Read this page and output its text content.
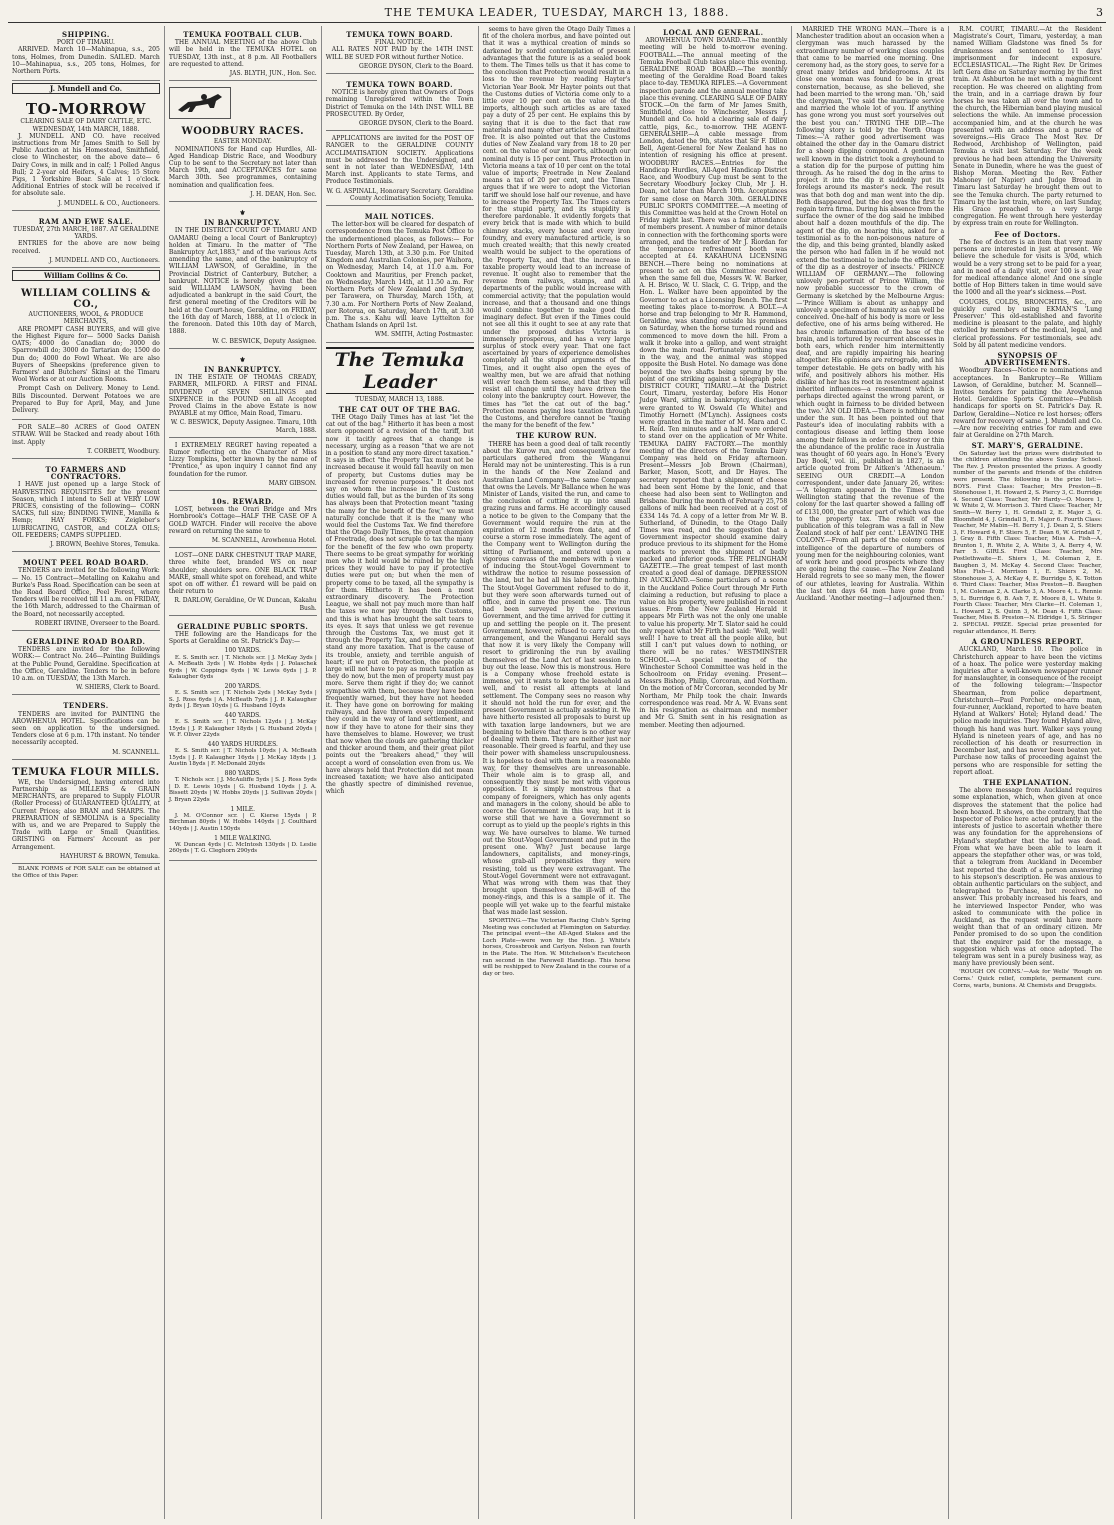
THE TEMUKA LEADER, TUESDAY, MARCH 13, 1888.	3
SHIPPING.
PORT OF TIMARU.

ARRIVED. March 10—Mahinapua, s.s., 205 tons, Holmes, from Dunedin. SAILED. March 10—Mahinapua, s.s., 205 tons, Holmes, for Northern Ports.

J. Mundell and Co.
TO-MORROW
CLEARING SALE OF DAIRY CATTLE, ETC.
WEDNESDAY, 14th MARCH, 1888.

J. MUNDELL AND CO. have received instructions from Mr James Smith to Sell by Public Auction at his Homestead, Smithfield, close to Winchester, on the above date— 6 Dairy Cows, in milk and in calf; 1 Polled Angus Bull; 2 2-year old Heifers, 4 Calves; 15 Store Pigs, 1 Yorkshire Boar. Sale at 1 o'clock. Additional Entries of stock will be received if for absolute sale.

J. MUNDELL & CO., Auctioneers.
RAM AND EWE SALE.
TUESDAY, 27th MARCH, 1887. AT GERALDINE YARDS.

ENTRIES for the above are now being received.

J. MUNDELL AND CO., Auctioneers.
William Collins & Co.
WILLIAM COLLINS & CO.,
AUCTIONEERS, WOOL, & PRODUCE MERCHANTS,

ARE PROMPT CASH BUYERS, and will give the Highest Figure for— 5000 Sacks Danish OATS; 4000 do Canadian do; 3000 do Sparrowbill do; 3000 do Tartarian do; 1500 do Dun do; 4000 do Fowl Wheat. We are also Buyers of Sheepskins (preference given to Farmers' and Butchers' Skins) at the Timaru Wool Works or at our Auction Rooms.

Prompt Cash on Delivery. Money to Lend. Bills Discounted. Derwent Potatoes we are Prepared to Buy for April, May, and June Delivery.

FOR SALE—80 ACRES of Good OATEN STRAW. Will be Stacked and ready about 16th inst. Apply

T. CORBETT, Woodbury.
TO FARMERS AND CONTRACTORS.

I HAVE just opened up a large Stock of HARVESTING REQUISITES for the present Season, which I intend to Sell at VERY LOW PRICES, consisting of the following— CORN SACKS, full size; BINDING TWINE, Manilla & Hemp; HAY FORKS; Zeigleber's LUBRICATING, CASTOR, and COLZA OILS; OIL FEEDERS; CAMPS SUPPLIED.

J. BROWN, Beehive Stores, Temuka.
MOUNT PEEL ROAD BOARD.

TENDERS are invited for the following Work:— No. 15 Contract—Metalling on Kakahu and Burke's Pass Road. Specification can be seen at the Road Board Office, Peel Forest, where Tenders will be received till 11 a.m. on FRIDAY, the 16th March, addressed to the Chairman of the Board, not necessarily accepted.

ROBERT IRVINE, Overseer to the Board.
GERALDINE ROAD BOARD.

TENDERS are invited for the following WORK:— Contract No. 246—Painting Buildings at the Public Pound, Geraldine. Specification at the Office, Geraldine. Tenders to be in before 10 a.m. on TUESDAY, the 13th March.

W. SHIERS, Clerk to Board.
TENDERS.

TENDERS are invited for PAINTING the AROWHENUA HOTEL. Specifications can be seen on application to the undersigned. Tenders close at 6 p.m. 17th instant. No tender necessarily accepted.

M. SCANNELL.
TEMUKA FLOUR MILLS.

WE, the Undersigned, having entered into Partnership as MILLERS & GRAIN MERCHANTS, are prepared to Supply FLOUR (Roller Process) of GUARANTEED QUALITY, at Current Prices; also BRAN and SHARPS. The PREPARATION of SEMOLINA is a Speciality with us, and we are Prepared to Supply the Trade with Large or Small Quantities. GRISTING on Farmers' Account as per Arrangement.

HAYHURST & BROWN, Temuka.

BLANK FORMS of FOR SALE can be obtained at the Office of this Paper.

TEMUKA FOOTBALL CLUB.

THE ANNUAL MEETING of the above Club will be held in the TEMUKA HOTEL on TUESDAY, 13th inst., at 8 p.m. All Footballers are requested to attend.

JAS. BLYTH, JUN., Hon. Sec.
WOODBURY RACES.
EASTER MONDAY.

NOMINATIONS for Hand cap Hurdles, All-Aged Handicap Distric Race, and Woodbury Cup to be sent to the Secretary not later than March 19th, and ACCEPTANCES for same March 30th. See programmes, containing nomination and qualification fees.

J. H. DEAN, Hon. Sec.
⚜
IN BANKRUPTCY.

IN THE DISTRICT COURT OF TIMARU AND OAMARU (being a local Court of Bankruptcy) holden at Timaru. In the matter of "The Bankruptcy Act,1883," and of the various Acts amending the same, and of the bankruptcy of WILLIAM LAWSON, of Geraldine, in the Provincial District of Canterbury, Butcher, a bankrupt. NOTICE is hereby given that the said WILLIAM LAWSON, having been adjudicated a bankrupt in the said Court, the first general meeting of the Creditors will be held at the Court-house, Geraldine, on FRIDAY, the 16th day of March, 1888, at 11 o'clock in the forenoon. Dated this 10th day of March, 1888.

W. C. BESWICK, Deputy Assignee.
⚜
IN BANKRUPTCY.

IN THE ESTATE OF THOMAS CREADY, FARMER, MILFORD. A FIRST and FINAL DIVIDEND of SEVEN SHILLINGS and SIXPENCE in the POUND on all Accepted Proved Claims in the above Estate is now PAYABLE at my Office, Main Road, Timaru.

W. C. BESWICK, Deputy Assignee. Timaru, 10th March, 1888.

I EXTREMELY REGRET having repeated a Rumor reflecting on the Character of Miss Lizzy Tompkins, better known by the name of "Prentice," as upon inquiry I cannot find any foundation for the rumor.

MARY GIBSON.
10s. REWARD.

LOST, between the Orari Bridge and Mrs Hornbrook's Cottage—HALF THE CASE OF A GOLD WATCH. Finder will receive the above reward on returning the same to

M. SCANNELL, Arowhenua Hotel.

LOST—ONE DARK CHESTNUT TRAP MARE, three white feet, branded WS on near shoulder; shoulders sore. ONE BLACK TRAP MARE, small white spot on forehead, and white spot on off wither. £1 reward will be paid on their return to

R. DARLOW, Geraldine, Or W. Duncan, Kakahu Bush.
GERALDINE PUBLIC SPORTS.

THE following are the Handicaps for the Sports at Geraldine on St. Patrick's Day:—

100 YARDS.

E. S. Smith scr. | T. Nichols scr. | J. McKay 3yds | A. McBeath 3yds | W. Hobbs 4yds | J. Polaschek 6yds | W. Coppings 6yds | W. Lewis 6yds | J. P. Kalaugher 6yds

200 YARDS.

E. S. Smith scr. | T. Nichols 2yds | McKay 5yds | S. J. Ross 6yds | A. McBeath 7yds | J. P. Kalaugher 8yds | J. Bryan 10yds | G. Husband 10yds

440 YARDS.

E. S. Smith scr. | T. Nichols 12yds | J. McKay 15yds | J. P. Kalaugher 18yds | G. Husband 20yds | W. F. Oliver 22yds

440 YARDS HURDLES.

E. S. Smith scr. | T. Nichols 10yds | A. McBeath 15yds | J. P. Kalaugher 16yds | J. McKay 18yds | J. Austin 18yds | F. McDonald 20yds

880 YARDS.

T. Nichols scr. | J. McAuliffe 5yds | S. J. Ross 5yds | D. E. Lewis 10yds | G. Husband 10yds | J. A. Bissett 20yds | W. Hobbs 20yds | J. Sullivan 20yds | J. Bryan 22yds

1 MILE.

J. M. O'Connor scr. | C. Kierse 15yds | P. Birchman 80yds | W. Hobbs 140yds | J. Coulthard 140yds | J. Austin 150yds

1 MILE WALKING.

W. Duncan 4yds | C. McIntosh 130yds | D. Leslie 260yds | T. G. Cleghorn 290yds

TEMUKA TOWN BOARD.
FINAL NOTICE.

ALL RATES NOT PAID by the 14TH INST. WILL BE SUED FOR without further Notice.

GEORGE DYSON, Clerk to the Board.
TEMUKA TOWN BOARD.

NOTICE is hereby given that Owners of Dogs remaining Unregistered within the Town District of Temuka on the 14th INST. WILL BE PROSECUTED. By Order,

GEORGE DYSON, Clerk to the Board.

APPLICATIONS are invited for the POST OF RANGER to the GERALDINE COUNTY ACCLIMATISATION SOCIETY. Applications must be addressed to the Undersigned, and sent in not later than WEDNESDAY, 14th March inst. Applicants to state Terms, and Produce Testimonials.

W. G. ASPINALL, Honorary Secretary. Geraldine County Acclimatisation Society, Temuka.
MAIL NOTICES.

The letter-box will be cleared for despatch of correspondence from the Temuka Post Office to the undermentioned places, as follows:— For Northern Ports of New Zealand, per Hawea, on Tuesday, March 13th, at 3.30 p.m. For United Kingdom and Australian Colonies, per Waihora, on Wednesday, March 14, at 11.0 a.m. For Cooktown and Mauritius, per French packet, on Wednesday, March 14th, at 11.50 a.m. For Northern Ports of New Zealand and Sydney, per Tarawera, on Thursday, March 15th, at 7.30 a.m. For Northern Ports of New Zealand, per Rotorua, on Saturday, March 17th, at 3.30 p.m. The s.s. Kahu will leave Lyttelton for Chatham Islands on April 1st.

WM. SMITH, Acting Postmaster.
The Temuka Leader
TUESDAY, MARCH 13, 1888.
THE CAT OUT OF THE BAG.

THE Otago Daily Times has at last "let the cat out of the bag." Hitherto it has been a most stern opponent of a revision of the tariff, but now it tacitly agrees that a change is necessary, urging as a reason "that we are not in a position to stand any more direct taxation." It says in effect "the Property Tax must not be increased because it would fall heavily on men of property, but Customs duties may be increased for revenue purposes." It does not say on whom the increase in the Customs duties would fall, but as the burden of its song has always been that Protection meant "taxing the many for the benefit of the few," we must naturally conclude that it is the many who would feel the Customs Tax. We find therefore that the Otago Daily Times, the great champion of Freetrade, does not scruple to tax the many for the benefit of the few who own property. There seems to be great sympathy for working men who it held would be ruined by the high prices they would have to pay if protective duties were put on; but when the men of property come to be taxed, all the sympathy is for them. Hitherto it has been a most extraordinary discovery. The Protection League, we shall not pay much more than half the taxes we now pay through the Customs, and this is what has brought the salt tears to its eyes. It says that unless we get revenue through the Customs Tax, we must get it through the Property Tax, and property cannot stand any more taxation. That is the cause of its trouble, anxiety, and terrible anguish of heart; if we put on Protection, the people at large will not have to pay as much taxation as they do now, but the men of property must pay more. Serve them right if they do; we cannot sympathise with them, because they have been frequently warned, but they have not heeded it. They have gone on borrowing for making railways, and have thrown every impediment they could in the way of land settlement, and now if they have to atone for their sins they have themselves to blame. However, we trust that now when the clouds are gathering thicker and thicker around them, and their great pilot points out the "breakers ahead," they will accept a word of consolation even from us. We have always held that Protection did not mean increased taxation; we have also anticipated the ghastly spectre of diminished revenue, which

seems to have given the Otago Daily Times a fit of the cholera morbus, and have pointed out that it was a mythical creation of minds so darkened by sordid contemplation of present advantages that the future is as a sealed book to them. The Times tells us that it has come to the conclusion that Protection would result in a loss to the revenue by reading Hayter's Victorian Year Book. Mr Hayter points out that the Customs duties of Victoria come only to a little over 10 per cent on the value of the imports, although such articles as are taxed pay a duty of 25 per cent. He explains this by saying that it is due to the fact that raw materials and many other articles are admitted free. It is also pointed out that the Customs duties of New Zealand vary from 18 to 20 per cent. on the value of our imports, although our nominal duty is 15 per cent. Thus Protection in Victoria means a tax of 10 per cent on the total value of imports; Freetrade in New Zealand means a tax of 20 per cent, and the Times argues that if we were to adopt the Victorian tariff we should lose half our revenue, and have to increase the Property Tax. The Times caters for the stupid party, and its stupidity is therefore pardonable. It evidently forgets that every brick that is made with which to build chimney stacks, every house and every iron foundry, and every manufactured article, is so much created wealth; that this newly created wealth would be subject to the operations of the Property Tax, and that the increase in taxable property would lead to an increase of revenue. It ought also to remember that the revenue from railways, stamps, and all departments of the public would increase with commercial activity; that the population would increase, and that a thousand and one things would combine together to make good the imaginary defect. But even if the Times could not see all this it ought to see at any rate that under the proposed duties Victoria is immensely prosperous, and has a very large surplus of stock every year. That one fact ascertained by years of experience demolishes completely all the stupid arguments of the Times, and it ought also open the eyes of wealthy men, but we are afraid that nothing will ever teach them sense, and that they will resist all change until they have driven the colony into the bankruptcy court. However, the times has "let the cat out of the bag." Protection means paying less taxation through the Customs, and therefore cannot be "taxing the many for the benefit of the few."

THE KUROW RUN.

THERE has been a good deal of talk recently about the Kurow run, and consequently a few particulars gathered from the Wanganui Herald may not be uninteresting. This is a run in the hands of the New Zealand and Australian Land Company—the same Company that owns the Levels. Mr Ballance when he was Minister of Lands, visited the run, and came to the conclusion of cutting it up into small grazing runs and farms. He accordingly caused a notice to be given to the Company that the Government would require the run at the expiration of 12 months from date, and of course a storm rose immediately. The agent of the Company went to Wellington during the sitting of Parliament, and entered upon a vigorous canvass of the members with a view of inducing the Stout-Vogel Government to withdraw the notice to resume possession of the land, but he had all his labor for nothing. The Stout-Vogel Government refused to do it, but they were soon afterwards turned out of office, and in came the present one. The run had been surveyed by the previous Government, and the time arrived for cutting it up and settling the people on it. The present Government, however, refused to carry out the arrangement, and the Wanganui Herald says that now it is very likely the Company will resort to gridironing the run by availing themselves of the Land Act of last session to buy out the lease. Now this is monstrous. Here is a Company whose freehold estate is immense, yet it wants to keep the leasehold as well, and to resist all attempts at land settlement. The Company sees no reason why it should not hold the run for ever, and the present Government is actually assisting it. We have hitherto resisted all proposals to burst up with taxation large landowners, but we are beginning to believe that there is no other way of dealing with them. They are neither just nor reasonable. Their greed is fearful, and they use their power with shameless unscrupulousness. It is hopeless to deal with them in a reasonable way, for they themselves are unreasonable. Their whole aim is to grasp all, and consequently they must be met with vigorous opposition. It is simply monstrous that a company of foreigners, which has only agents and managers in the colony, should be able to coerce the Government in this way, but it is worse still that we have a Government so corrupt as to yield up the people's rights in this way. We have ourselves to blame. We turned out the Stout-Vogel Government and put in the present one. Why? Just because large landowners, capitalists, and money-rings, whose grab-all propensities they were resisting, told us they were extravagant. The Stout-Vogel Government were not extravagant. What was wrong with them was that they brought upon themselves the ill-will of the money-rings, and this is a sample of it. The people will yet wake up to the fearful mistake that was made last session.

SPORTING.—The Victorian Racing Club's Spring Meeting was concluded at Flemington on Saturday. The principal event—the All-Aged Stakes and the Loch Plate—were won by the Hon. J. White's horses, Crossbrook and Carlyon. Nelson ran fourth in the Plate. The Hon. W. Mitchelson's Escutcheon ran second in the Farewell Handicap. This horse will be reshipped to New Zealand in the course of a day or two.

LOCAL AND GENERAL.

AROWHENUA TOWN BOARD.—The monthly meeting will be held to-morrow evening. FOOTBALL.—The annual meeting of the Temuka Football Club takes place this evening. GERALDINE ROAD BOARD.—The monthly meeting of the Geraldine Road Board takes place to-day. TEMUKA RIFLES.—A Government inspection parade and the annual meeting take place this evening. CLEARING SALE OF DAIRY STOCK.—On the farm of Mr James Smith, Smithfield, close to Winchester, Messrs J. Mundell and Co. hold a clearing sale of dairy cattle, pigs, &c., to-morrow. THE AGENT-GENERALSHIP.—A cable message from London, dated the 9th, states that Sir F. Dillon Bell, Agent-General for New Zealand has no intention of resigning his office at present. WOODBURY RACES.—Entries for the Handicap Hurdles, All-Aged Handicap District Race, and Woodbury Cup must be sent to the Secretary Woodbury Jockey Club, Mr J. H. Dean, not later than March 19th. Acceptances for same close on March 30th. GERALDINE PUBLIC SPORTS COMMITTEE.—A meeting of this Committee was held at the Crown Hotel on Friday night last. There was a fair attendance of members present. A number of minor details in connection with the forthcoming sports were arranged, and the tender of Mr J. Riordan for the temperance refreshment booth was accepted at £4. KAKAHUNA LICENSING BENCH.—There being no nominations at present to act on this Committee received when the same fell due, Messrs W. W. Barker, A. H. Brisco, W. U. Slack, C. G. Tripp, and the Hon. L. Walker have been appointed by the Governor to act as a Licensing Bench. The first meeting takes place to-morrow. A BOLT.—A horse and trap belonging to Mr R. Hammond, Geraldine, was standing outside his premises on Saturday, when the horse turned round and commenced to move down the hill. From a walk it broke into a gallop, and went straight down the main road. Fortunately nothing was in the way, and the animal was stopped opposite the Bush Hotel. No damage was done beyond the two shafts being sprung by the point of one striking against a telegraph pole. DISTRICT COURT, TIMARU.—At the District Court, Timaru, yesterday, before His Honor Judge Ward, sitting in bankruptcy, discharges were granted to W. Oswald (Te White) and Timothy Hornett (M'Lynch). Assignees costs were granted in the matter of M. Mara and C. H. Reid. Ten minutes and a half were ordered to stand over on the application of Mr White. TEMUKA DAIRY FACTORY.—The monthly meeting of the directors of the Temuka Dairy Company was held on Friday afternoon. Present—Messrs Job Brown (Chairman), Barker, Mason, Scott, and Dr Hayes. The secretary reported that a shipment of cheese had been sent Home by the Ionic, and that cheese had also been sent to Wellington and Brisbane. During the month of February 25,758 gallons of milk had been received at a cost of £334 14s 7d. A copy of a letter from Mr W. B. Sutherland, of Dunedin, to the Otago Daily Times was read, and the suggestion that a Government inspector should examine dairy produce previous to its shipment for the Home markets to prevent the shipment of badly packed and inferior goods. THE PELINGHAM GAZETTE.—The great tempest of last month created a good deal of damage. DEPRESSION IN AUCKLAND.—Some particulars of a scene in the Auckland Police Court through Mr Firth claiming a reduction, but refusing to place a value on his property, were published in recent issues. From the New Zealand Herald it appears Mr Firth was not the only one unable to value his property. Mr T. Slator said he could only repeat what Mr Firth had said: 'Well, well! well! I have to treat all the people alike, but still I can't put values down to nothing, or there will be no rates.' WESTMINSTER SCHOOL.—A special meeting of the Winchester School Committee was held in the Schoolroom on Friday evening. Present—Messrs Bishop, Philip, Corcoran, and Northam. On the motion of Mr Corcoran, seconded by Mr Northam, Mr Philp took the chair. Inwards correspondence was read. Mr A. W. Evans sent in his resignation as chairman and member and Mr G. Smith sent in his resignation as member. Meeting then adjourned.

MARRIED THE WRONG MAN.—There is a Manchester tradition about an occasion when a clergyman was much harassed by the extraordinary number of working class couples that came to be married one morning. One ceremony had, as the story goes, to serve for a great many brides and bridegrooms. At its close one woman was found to be in great consternation, because, as she believed, she had been married to the wrong man. 'Oh,' said the clergyman, 'I've said the marriage service and married the whole lot of you. If anything has gone wrong you must sort yourselves out the best you can.' TRYING THE DIP.—The following story is told by the North Otago Times:—'A rather good advertisement was obtained the other day in the Oamaru district for a sheep dipping compound. A gentleman well known in the district took a greyhound to a station dip for the purpose of putting him through. As he raised the dog in the arms to project it into the dip it suddenly put its forelegs around its master's neck. The result was that both dog and man went into the dip. Both disappeared, but the dog was the first to regain terra firma. During his absence from the surface the owner of the dog said he imbibed about half a dozen mouthfuls of the dip. The agent of the dip, on hearing this, asked for a testimonial as to the non-poisonous nature of the dip, and this being granted, blandly asked the person who had fallen in if he would not extend the testimonial to include the efficiency of the dip as a destroyer of insects.' PRINCE WILLIAM OF GERMANY.—The following unlovely pen-portrait of Prince William, the now probable successor to the crown of Germany is sketched by the Melbourne Argus:—'Prince William is about as unhappy and unlovely a specimen of humanity as can well be conceived. One-half of his body is more or less defective, one of his arms being withered. He has chronic inflammation of the base of the brain, and is tortured by recurrent abscesses in both ears, which render him intermittently deaf, and are rapidly impairing his hearing altogether. His opinions are retrograde, and his temper detestable. He gets on badly with his wife, and positively abhors his mother. His dislike of her has its root in resentment against inherited influences—a resentment which is perhaps directed against the wrong parent, or which ought in fairness to be divided between the two.' AN OLD IDEA.—There is nothing new under the sun. It has been pointed out that Pasteur's idea of inoculating rabbits with a contagious disease and letting them loose among their fellows in order to destroy or thin the abundance of the prolific race in Australia was thought of 60 years ago. In Hone's 'Every Day Book,' vol. iii., published in 1827, is an article quoted from Dr Aitken's 'Athenaeum.' SEEING OUR CREDIT.—A London correspondent, under date January 26, writes:—'A telegram appeared in the Times from Wellington stating that the revenue of the colony for the last quarter showed a falling off of £131,000, the greater part of which was due to the property tax. The result of the publication of this telegram was a fall in New Zealand stock of half per cent.' LEAVING THE COLONY.—From all parts of the colony comes intelligence of the departure of numbers of young men for the neighbouring colonies, want of work here and good prospects where they are going being the cause.—The New Zealand Herald regrets to see so many men, the flower of our athletes, leaving for Australia. Within the last ten days 64 men have gone from Auckland. 'Another meeting—I adjourned then.'

R.M. COURT, TIMARU.—At the Resident Magistrate's Court, Timaru, yesterday, a man named William Gladstone was fined 5s for drunkenness and sentenced to 11 days' imprisonment for indecent exposure. ECCLESIASTICAL.—The Right Rev. Dr Grimes left Gera dine on Saturday morning by the first train. At Ashburton he met with a magnificent reception. He was cheered on alighting from the train, and in a carriage drawn by four horses he was taken all over the town and to the church, the Hibernian band playing musical selections the while. An immense procession accompanied him, and at the church he was presented with an address and a purse of sovereigns.—His Grace The Most Rev. Dr Redwood, Archbishop of Wellington, paid Temuka a visit last Saturday. For the week previous he had been attending the University Senate in Dunedin, where he was the guest of Bishop Moran. Meeting the Rev. Father Mahoney (of Napier) and Judge Broad in Timaru last Saturday he brought them out to see the Temuka church. The party returned to Timaru by the last train, where, on last Sunday, His Grace preached to a very large congregation. He went through here yesterday by express train en route for Wellington.

Fee of Doctors.

The fee of doctors is an item that very many persons are interested in just at present. We believe the schedule for visits is 3/0d, which would be a very strong set to be paid for a year, and in need of a daily visit, over 100 is a year for medical attendance alone! And one single bottle of Hop Bitters taken in time would save the 1000 and all the year's sickness.—Post.

COUGHS, COLDS, BRONCHITIS, &c., are quickly cured by using EKMAN'S 'Lung Preserver.' This old-established and favorite medicine is pleasant to the palate, and highly extolled by members of the medical, legal, and clerical professions. For testimonials, see adv. Sold by all patent medicine vendors.

SYNOPSIS OF ADVERTISEMENTS.

Woodbury Races—Notice re nominations and acceptances. In Bankruptcy—Re William Lawson, of Geraldine, butcher. M. Scannell—Invites tenders for painting the Arowhenua Hotel. Geraldine Sports Committee—Publish handicaps for sports on St. Patrick's Day. R. Darlow, Geraldine—Notice re lost horses; offers reward for recovery of same. J. Mundell and Co.—Are now receiving entries for ram and ewe fair at Geraldine on 27th March.

ST. MARY'S, GERALDINE.

On Saturday last the prizes were distributed to the children attending the above Sunday School. The Rev. J. Preston presented the prizes. A goodly number of the parents and friends of the children were present. The following is the prize list:— BOYS. First Class: Teacher, Mrs Preston—B. Stonehouse 1, H. Howard 2, S. Piercy 3, C. Burridge 4. Second Class: Teacher, Mr Hardy—O. Moore 1, W. White 2, W. Morrison 3. Third Class: Teacher, Mr Smith—W. Berry 1, H. Grindall 2, E. Major 3, G. Bloomfield 4, J. Grindall 5, E. Major 6. Fourth Class: Teacher, Mr Mabin—H. Berry 1, J. Dean 2, S. Stiers 3, F. Howard 4, F. Stiers 5, F. Dean 6, W. Grindall 7, J. Gray 8. Fifth Class: Teacher, Miss A. Fish—A. Brunton 1, R. White 2, A. White 3, A. Berry 4, W. Farr 5. GIRLS. First Class: Teacher, Mrs Postlethwaite—E. Shiers 1, M. Coleman 2, E. Baughen 3, M. McKay 4. Second Class: Teacher, Miss Fish—I. Morrison 1, E. Shiers 2, M. Stonehouse 3, A. McKay 4, E. Burridge 5, K. Totton 6. Third Class: Teacher, Miss Preston—B. Baughen 1, M. Coleman 2, A. Clarke 3, A. Moore 4, L. Rennie 5, L. Burridge 6, B. Ash 7, E. Moore 8, L. White 9. Fourth Class: Teacher, Mrs Clarke—H. Coleman 1, L. Howard 2, S. Quinn 3, M. Dean 4. Fifth Class: Teacher, Miss B. Preston—N. Eldridge 1, S. Stringer 2. SPECIAL PRIZE. Special prize presented for regular attendance, H. Berry.

A GROUNDLESS REPORT.

AUCKLAND, March 10. The police in Christchurch appear to have been the victims of a hoax. The police were yesterday making inquiries after a well-known newspaper runner for manslaughter, in consequence of the receipt of the following telegram:—'Inspector Shearman, from police department, Christchurch—Paul Porcher, one-arm man, four-runner, Auckland, reported to have beaten Hyland at Walkers' Hotel; Hyland dead.' The police made inquiries. They found Hyland alive, though his hand was hurt. Walker says young Hyland is nineteen years of age, and has no recollection of his death or resurrection in December last, and has never been beaten yet. Purchase now talks of proceeding against the persons who are responsible for setting the report afloat.

THE EXPLANATION.

The above message from Auckland requires some explanation, which, when given at once disproves the statement that the police had been hoaxed. It shows, on the contrary, that the Inspector of Police here acted prudently in the interests of justice to ascertain whether there was any foundation for the apprehensions of Hyland's stepfather that the lad was dead. From what we have been able to learn it appears the stepfather other was, or was told, that a telegram from Auckland in December last reported the death of a person answering to his stepson's description. He was anxious to obtain authentic particulars on the subject, and telegraphed to Purchase, but received no answer. This probably increased his fears, and he interviewed Inspector Pender, who was asked to communicate with the police in Auckland, as the request would have more weight than that of an ordinary citizen. Mr Pender promised to do so upon the condition that the enquirer paid for the message, a suggestion which was at once adopted. The telegram was sent in a purely business way, as many have previously been sent.

'ROUGH ON CORNS.'—Ask for Wells' 'Rough on Corns.' Quick relief, complete, permanent cure. Corns, warts, bunions. At Chemists and Druggists.
